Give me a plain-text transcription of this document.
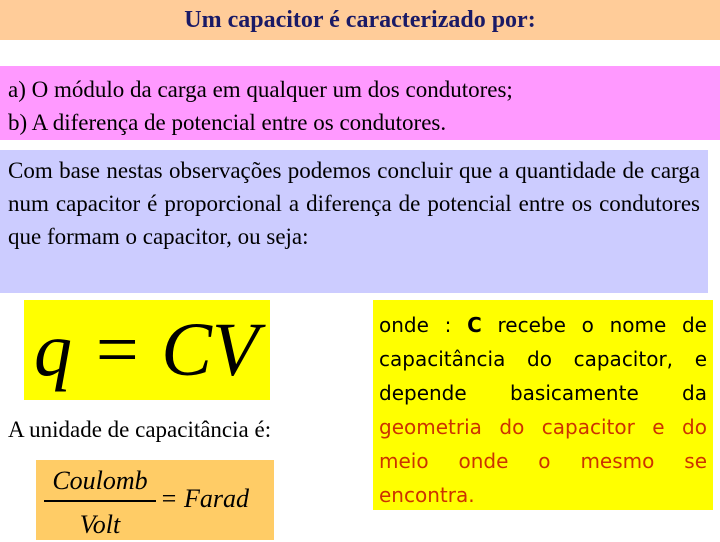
Um capacitor é caracterizado por:
a) O módulo da carga em qualquer um dos condutores;
b) A diferença de potencial entre os condutores.
Com base nestas observações podemos concluir que a quantidade de carga num capacitor é proporcional a diferença de potencial entre os condutores que formam o capacitor, ou seja:
q = CV
A unidade de capacitância é:
Coulomb
Volt
= Farad
onde : C recebe o nome de capacitância do capacitor, e depende basicamente da geometria do capacitor e do meio onde o mesmo se encontra.
